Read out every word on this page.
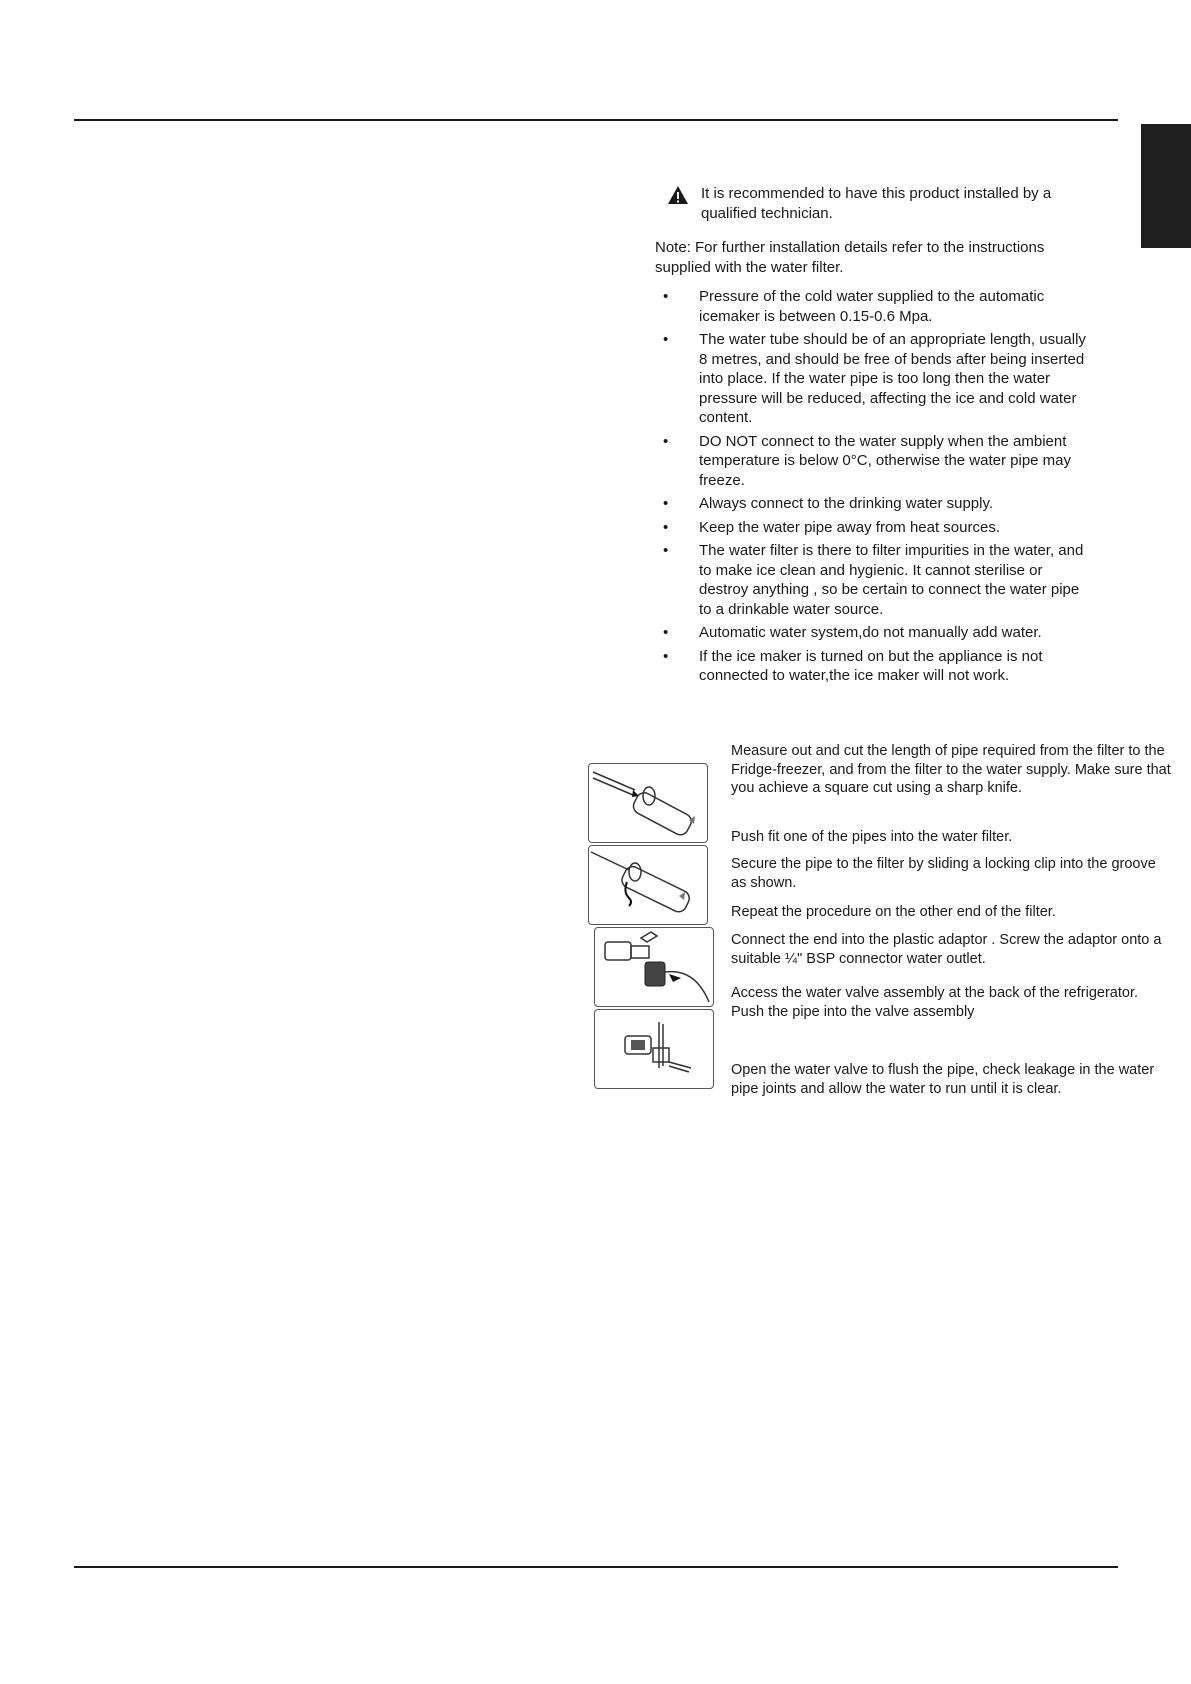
It is recommended to have this product installed by a qualified technician.
Note: For further installation details refer to the instructions supplied with the water filter.
• Pressure of the cold water supplied to the automatic icemaker is between 0.15-0.6 Mpa.
• The water tube should be of an appropriate length, usually 8 metres, and should be free of bends after being inserted into place. If the water pipe is too long then the water pressure will be reduced, affecting the ice and cold water content.
• DO NOT connect to the water supply when the ambient temperature is below 0°C, otherwise the water pipe may freeze.
• Always connect to the drinking water supply.
• Keep the water pipe away from heat sources.
• The water filter is there to filter impurities in the water, and to make ice clean and hygienic. It cannot sterilise or destroy anything , so be certain to connect the water pipe to a drinkable water source.
• Automatic water system,do not manually add water.
• If the ice maker is turned on but the appliance is not connected to water,the ice maker will not work.
Measure out and cut the length of pipe required from the filter to the Fridge-freezer, and from the filter to the water supply. Make sure that you achieve a square cut using a sharp knife.
Push fit one of the pipes into the water filter.
Secure the pipe to the filter by sliding a locking clip into the groove as shown.
Repeat the procedure on the other end of the filter.
Connect the end into the plastic adaptor . Screw the adaptor onto a suitable ¼" BSP connector water outlet.
Access the water valve assembly at the back of the refrigerator. Push the pipe into the valve assembly
Open the water valve to flush the pipe, check leakage in the water pipe joints and allow the water to run until it is clear.
